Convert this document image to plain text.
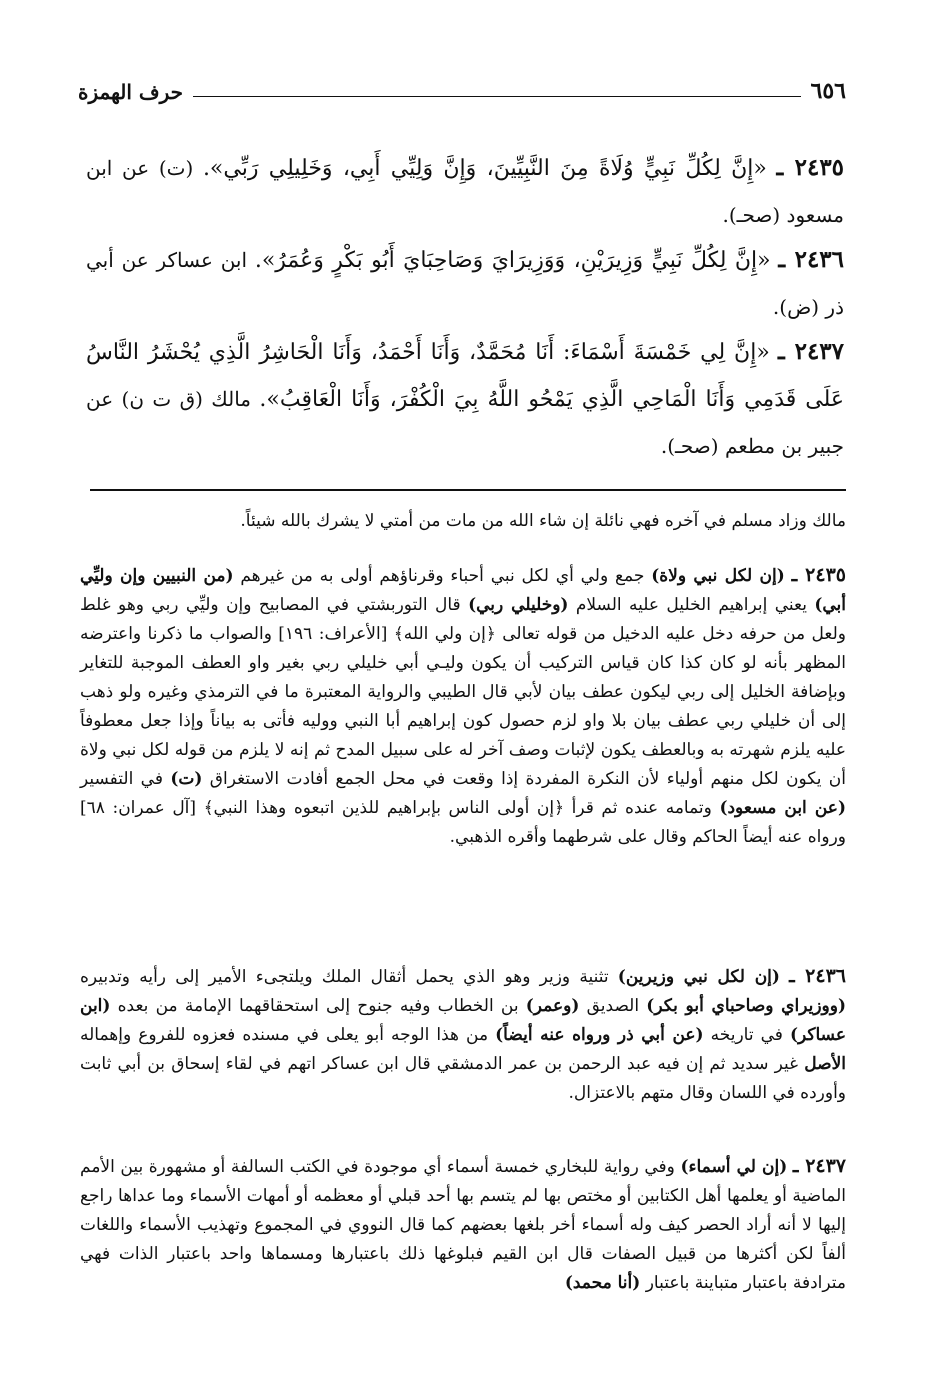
٦٥٦
حرف الهمزة
٢٤٣٥ ـ «إِنَّ لِكُلِّ نَبِيٍّ وُلَاةً مِنَ النَّبِيِّينَ، وَإِنَّ وَلِيِّي أَبِي، وَخَلِيلِي رَبِّي». (ت) عن ابن مسعود (صحـ).
٢٤٣٦ ـ «إِنَّ لِكُلِّ نَبِيٍّ وَزِيرَيْنِ، وَوَزِيرَايَ وَصَاحِبَايَ أَبُو بَكْرٍ وَعُمَرُ». ابن عساكر عن أبي ذر (ض).
٢٤٣٧ ـ «إِنَّ لِي خَمْسَةَ أَسْمَاءَ: أَنَا مُحَمَّدٌ، وَأَنَا أَحْمَدُ، وَأَنَا الْحَاشِرُ الَّذِي يُحْشَرُ النَّاسُ عَلَى قَدَمِي وَأَنَا الْمَاحِي الَّذِي يَمْحُو اللَّهُ بِيَ الْكُفْرَ، وَأَنَا الْعَاقِبُ». مالك (ق ت ن) عن جبير بن مطعم (صحـ).
مالك وزاد مسلم في آخره فهي نائلة إن شاء الله من مات من أمتي لا يشرك بالله شيئاً.
٢٤٣٥ ـ (إن لكل نبي ولاة) جمع ولي أي لكل نبي أحباء وقرناؤهم أولى به من غيرهم (من النبيين وإن وليِّي أبي) يعني إبراهيم الخليل عليه السلام (وخليلي ربي) قال التوربشتي في المصابيح وإن وليِّي ربي وهو غلط ولعل من حرفه دخل عليه الدخيل من قوله تعالى ﴿إن ولي الله﴾ [الأعراف: ١٩٦] والصواب ما ذكرنا واعترضه المظهر بأنه لو كان كذا كان قياس التركيب أن يكون وليـي أبي خليلي ربي بغير واو العطف الموجبة للتغاير وبإضافة الخليل إلى ربي ليكون عطف بيان لأبي قال الطيبي والرواية المعتبرة ما في الترمذي وغيره ولو ذهب إلى أن خليلي ربي عطف بيان بلا واو لزم حصول كون إبراهيم أبا النبي ووليه فأتى به بياناً وإذا جعل معطوفاً عليه يلزم شهرته به وبالعطف يكون لإثبات وصف آخر له على سبيل المدح ثم إنه لا يلزم من قوله لكل نبي ولاة أن يكون لكل منهم أولياء لأن النكرة المفردة إذا وقعت في محل الجمع أفادت الاستغراق (ت) في التفسير (عن ابن مسعود) وتمامه عنده ثم قرأ ﴿إن أولى الناس بإبراهيم للذين اتبعوه وهذا النبي﴾ [آل عمران: ٦٨] ورواه عنه أيضاً الحاكم وقال على شرطهما وأقره الذهبي.
٢٤٣٦ ـ (إن لكل نبي وزيرين) تثنية وزير وهو الذي يحمل أثقال الملك ويلتجىء الأمير إلى رأيه وتدبيره (ووزيراي وصاحباي أبو بكر) الصديق (وعمر) بن الخطاب وفيه جنوح إلى استحقاقهما الإمامة من بعده (ابن عساكر) في تاريخه (عن أبي ذر ورواه عنه أيضاً) من هذا الوجه أبو يعلى في مسنده فعزوه للفروع وإهماله الأصل غير سديد ثم إن فيه عبد الرحمن بن عمر الدمشقي قال ابن عساكر اتهم في لقاء إسحاق بن أبي ثابت وأورده في اللسان وقال متهم بالاعتزال.
٢٤٣٧ ـ (إن لي أسماء) وفي رواية للبخاري خمسة أسماء أي موجودة في الكتب السالفة أو مشهورة بين الأمم الماضية أو يعلمها أهل الكتابين أو مختص بها لم يتسم بها أحد قبلي أو معظمه أو أمهات الأسماء وما عداها راجع إليها لا أنه أراد الحصر كيف وله أسماء أخر بلغها بعضهم كما قال النووي في المجموع وتهذيب الأسماء واللغات ألفاً لكن أكثرها من قبيل الصفات قال ابن القيم فبلوغها ذلك باعتبارها ومسماها واحد باعتبار الذات فهي مترادفة باعتبار متباينة باعتبار (أنا محمد)
